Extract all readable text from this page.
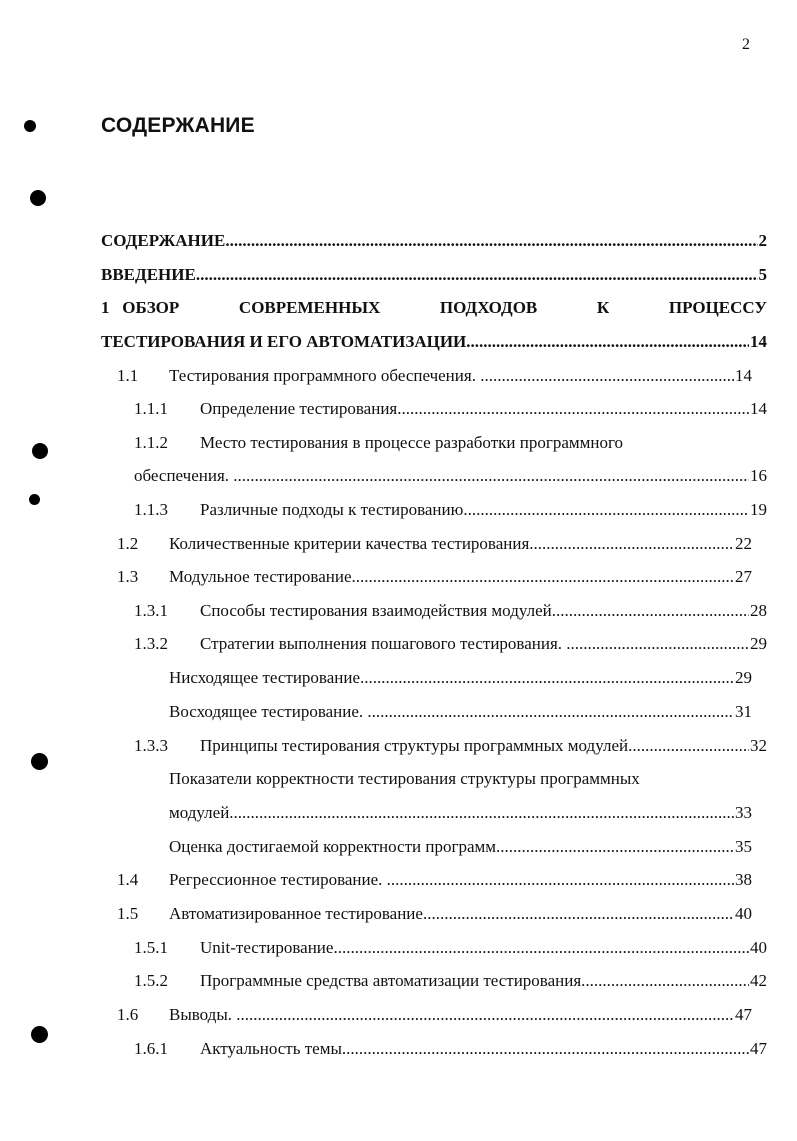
2
СОДЕРЖАНИЕ
СОДЕРЖАНИЕ .....	2
ВВЕДЕНИЕ .....	5
1 ОБЗОР	СОВРЕМЕННЫХ	ПОДХОДОВ	К	ПРОЦЕССУ
ТЕСТИРОВАНИЯ И ЕГО АВТОМАТИЗАЦИИ .....	14
1.1	Тестирования программного обеспечения. .....	14
1.1.1	Определение тестирования .....	14
1.1.2 Место тестирования в процессе разработки программного
обеспечения. .....	16
1.1.3	Различные подходы к тестированию .....	19
1.2	Количественные критерии качества тестирования .....	22
1.3	Модульное тестирование .....	27
1.3.1	Способы тестирования взаимодействия модулей .....	28
1.3.2	Стратегии выполнения пошагового тестирования. .....	29
Нисходящее тестирование .....	29
Восходящее тестирование. .....	31
1.3.3	Принципы тестирования структуры программных модулей .....	32
Показатели корректности тестирования структуры программных
модулей .....	33
Оценка достигаемой корректности программ .....	35
1.4	Регрессионное тестирование. .....	38
1.5	Автоматизированное тестирование .....	40
1.5.1	Unit-тестирование .....	40
1.5.2	Программные средства автоматизации тестирования .....	42
1.6	Выводы. .....	47
1.6.1	Актуальность темы .....	47
